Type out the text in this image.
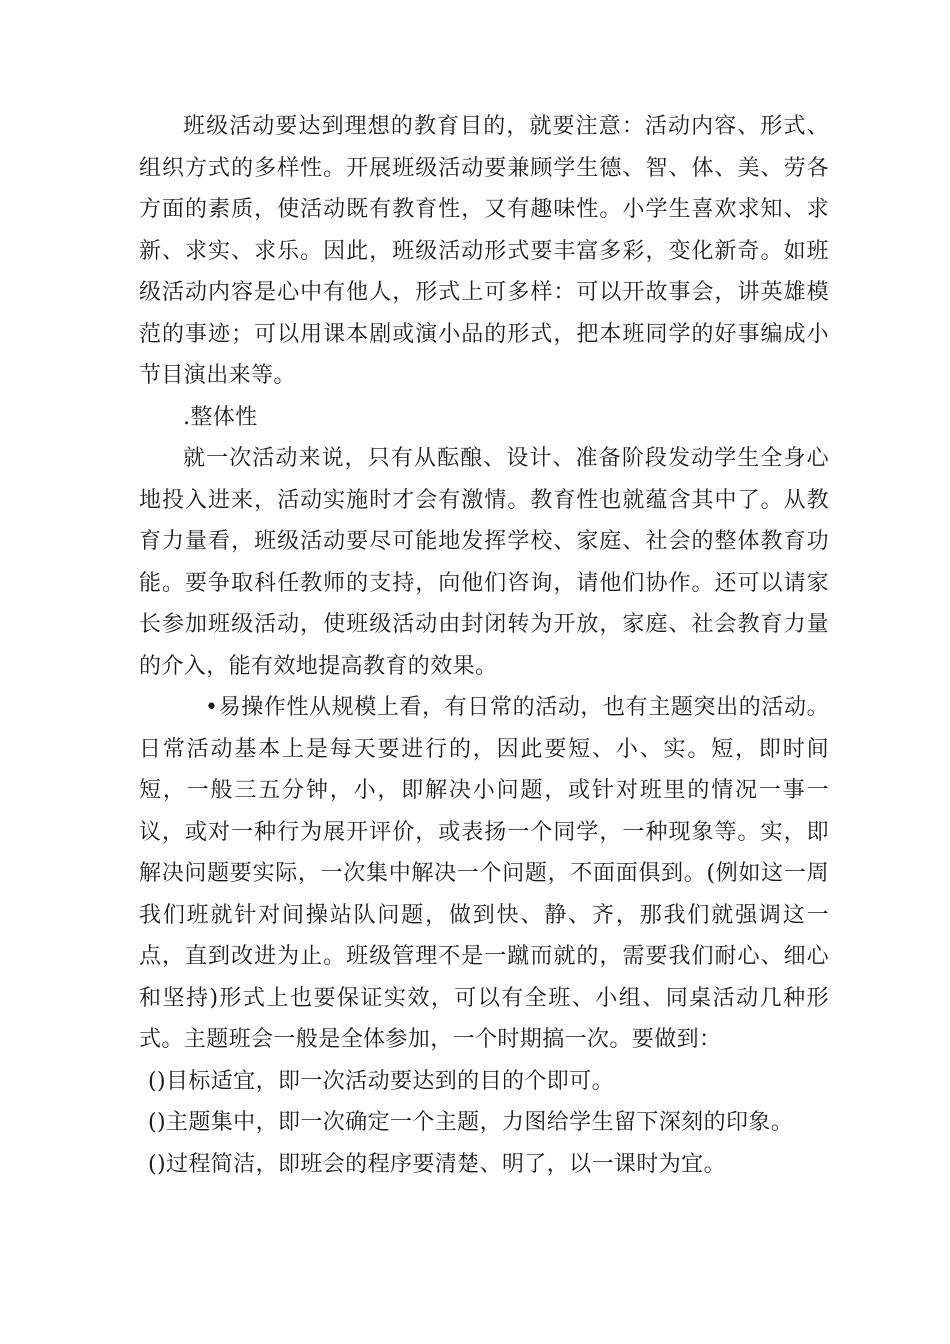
班级活动要达到理想的教育目的，就要注意：活动内容、形式、组织方式的多样性。开展班级活动要兼顾学生德、智、体、美、劳各方面的素质，使活动既有教育性，又有趣味性。小学生喜欢求知、求新、求实、求乐。因此，班级活动形式要丰富多彩，变化新奇。如班级活动内容是心中有他人，形式上可多样：可以开故事会，讲英雄模范的事迹；可以用课本剧或演小品的形式，把本班同学的好事编成小节目演出来等。

.整体性

就一次活动来说，只有从酝酿、设计、准备阶段发动学生全身心地投入进来，活动实施时才会有激情。教育性也就蕴含其中了。从教育力量看，班级活动要尽可能地发挥学校、家庭、社会的整体教育功能。要争取科任教师的支持，向他们咨询，请他们协作。还可以请家长参加班级活动，使班级活动由封闭转为开放，家庭、社会教育力量的介入，能有效地提高教育的效果。

•易操作性从规模上看，有日常的活动，也有主题突出的活动。日常活动基本上是每天要进行的，因此要短、小、实。短，即时间短，一般三五分钟，小，即解决小问题，或针对班里的情况一事一议，或对一种行为展开评价，或表扬一个同学，一种现象等。实，即解决问题要实际，一次集中解决一个问题，不面面俱到。(例如这一周我们班就针对间操站队问题，做到快、静、齐，那我们就强调这一点，直到改进为止。班级管理不是一蹴而就的，需要我们耐心、细心和坚持)形式上也要保证实效，可以有全班、小组、同桌活动几种形式。主题班会一般是全体参加，一个时期搞一次。要做到：

()目标适宜，即一次活动要达到的目的个即可。

()主题集中，即一次确定一个主题，力图给学生留下深刻的印象。

()过程简洁，即班会的程序要清楚、明了，以一课时为宜。
